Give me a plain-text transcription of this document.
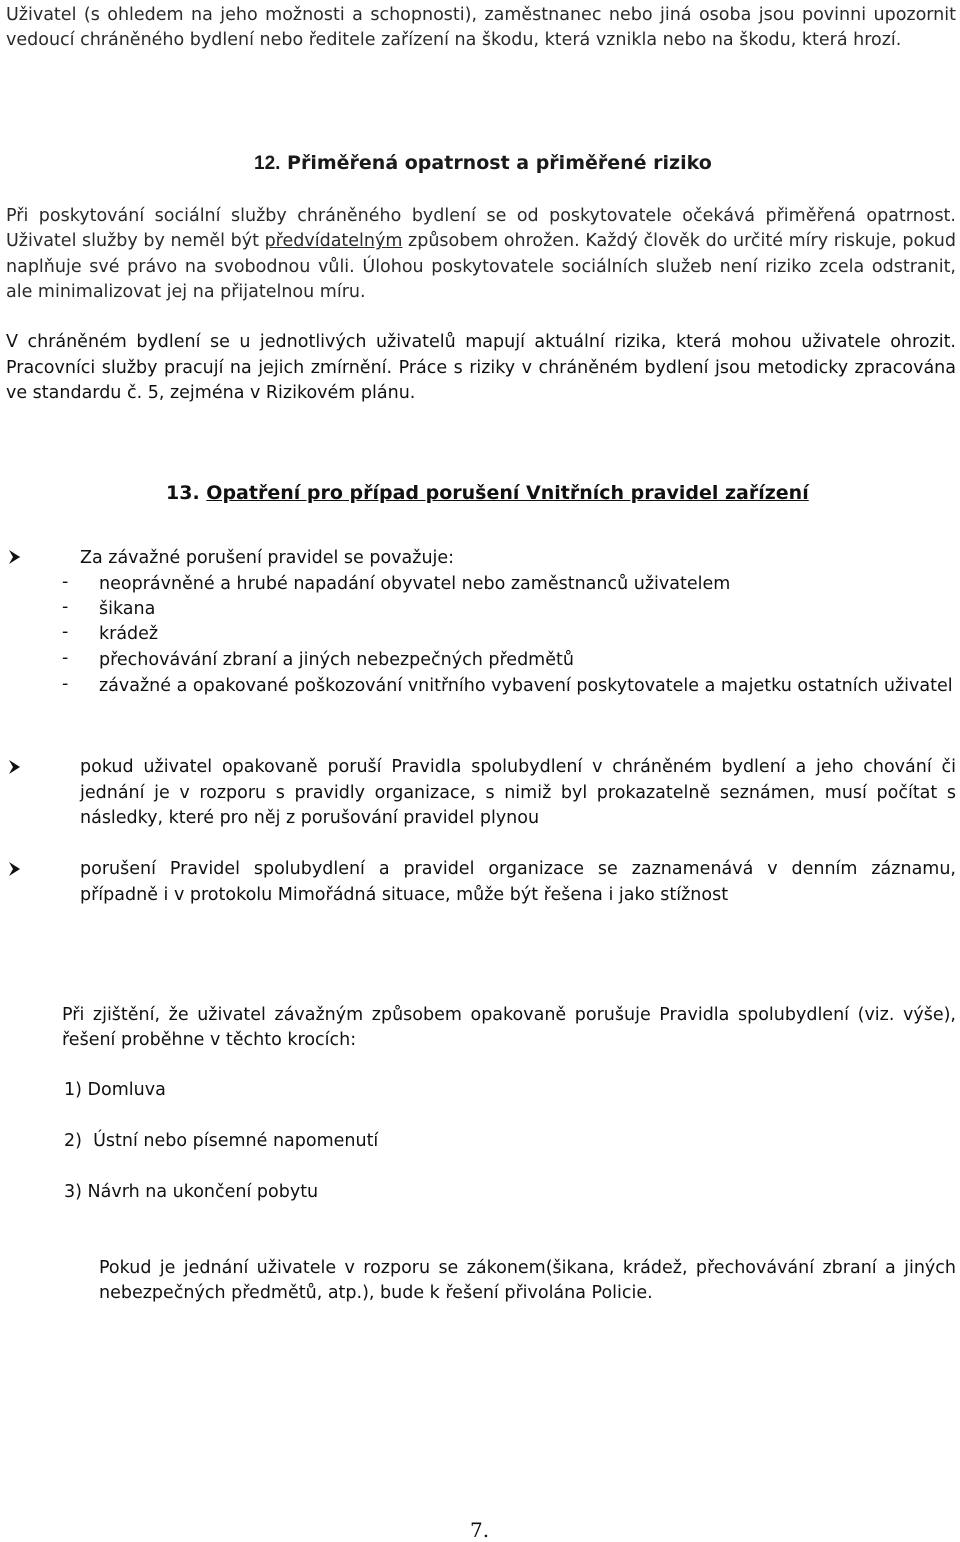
Uživatel (s ohledem na jeho možnosti a schopnosti), zaměstnanec nebo jiná osoba jsou povinni upozornit vedoucí chráněného bydlení nebo ředitele zařízení na škodu, která vznikla nebo na škodu, která hrozí.

12. Přiměřená opatrnost a přiměřené riziko

Při poskytování sociální služby chráněného bydlení se od poskytovatele očekává přiměřená opatrnost. Uživatel služby by neměl být předvídatelným způsobem ohrožen. Každý člověk do určité míry riskuje, pokud naplňuje své právo na svobodnou vůli. Úlohou poskytovatele sociálních služeb není riziko zcela odstranit, ale minimalizovat jej na přijatelnou míru.

V chráněném bydlení se u jednotlivých uživatelů mapují aktuální rizika, která mohou uživatele ohrozit. Pracovníci služby pracují na jejich zmírnění. Práce s riziky v chráněném bydlení jsou metodicky zpracována ve standardu č. 5, zejména v Rizikovém plánu.

13. Opatření pro případ porušení Vnitřních pravidel zařízení

Za závažné porušení pravidel se považuje:

-	neoprávněné a hrubé napadání obyvatel nebo zaměstnanců uživatelem

-	šikana

-	krádež

-	přechovávání zbraní a jiných nebezpečných předmětů

-	závažné a opakované poškozování vnitřního vybavení poskytovatele a majetku ostatních uživatel

pokud uživatel opakovaně poruší Pravidla spolubydlení v chráněném bydlení a jeho chování či jednání je v rozporu s pravidly organizace, s nimiž byl prokazatelně seznámen, musí počítat s následky, které pro něj z porušování pravidel plynou

porušení Pravidel spolubydlení a pravidel organizace se zaznamenává v denním záznamu, případně i v protokolu Mimořádná situace, může být řešena i jako stížnost

Při zjištění, že uživatel závažným způsobem opakovaně porušuje Pravidla spolubydlení (viz. výše), řešení proběhne v těchto krocích:

1) Domluva

2)  Ústní nebo písemné napomenutí

3) Návrh na ukončení pobytu

Pokud je jednání uživatele v rozporu se zákonem(šikana, krádež, přechovávání zbraní a jiných nebezpečných předmětů, atp.), bude k řešení přivolána Policie.

7.
